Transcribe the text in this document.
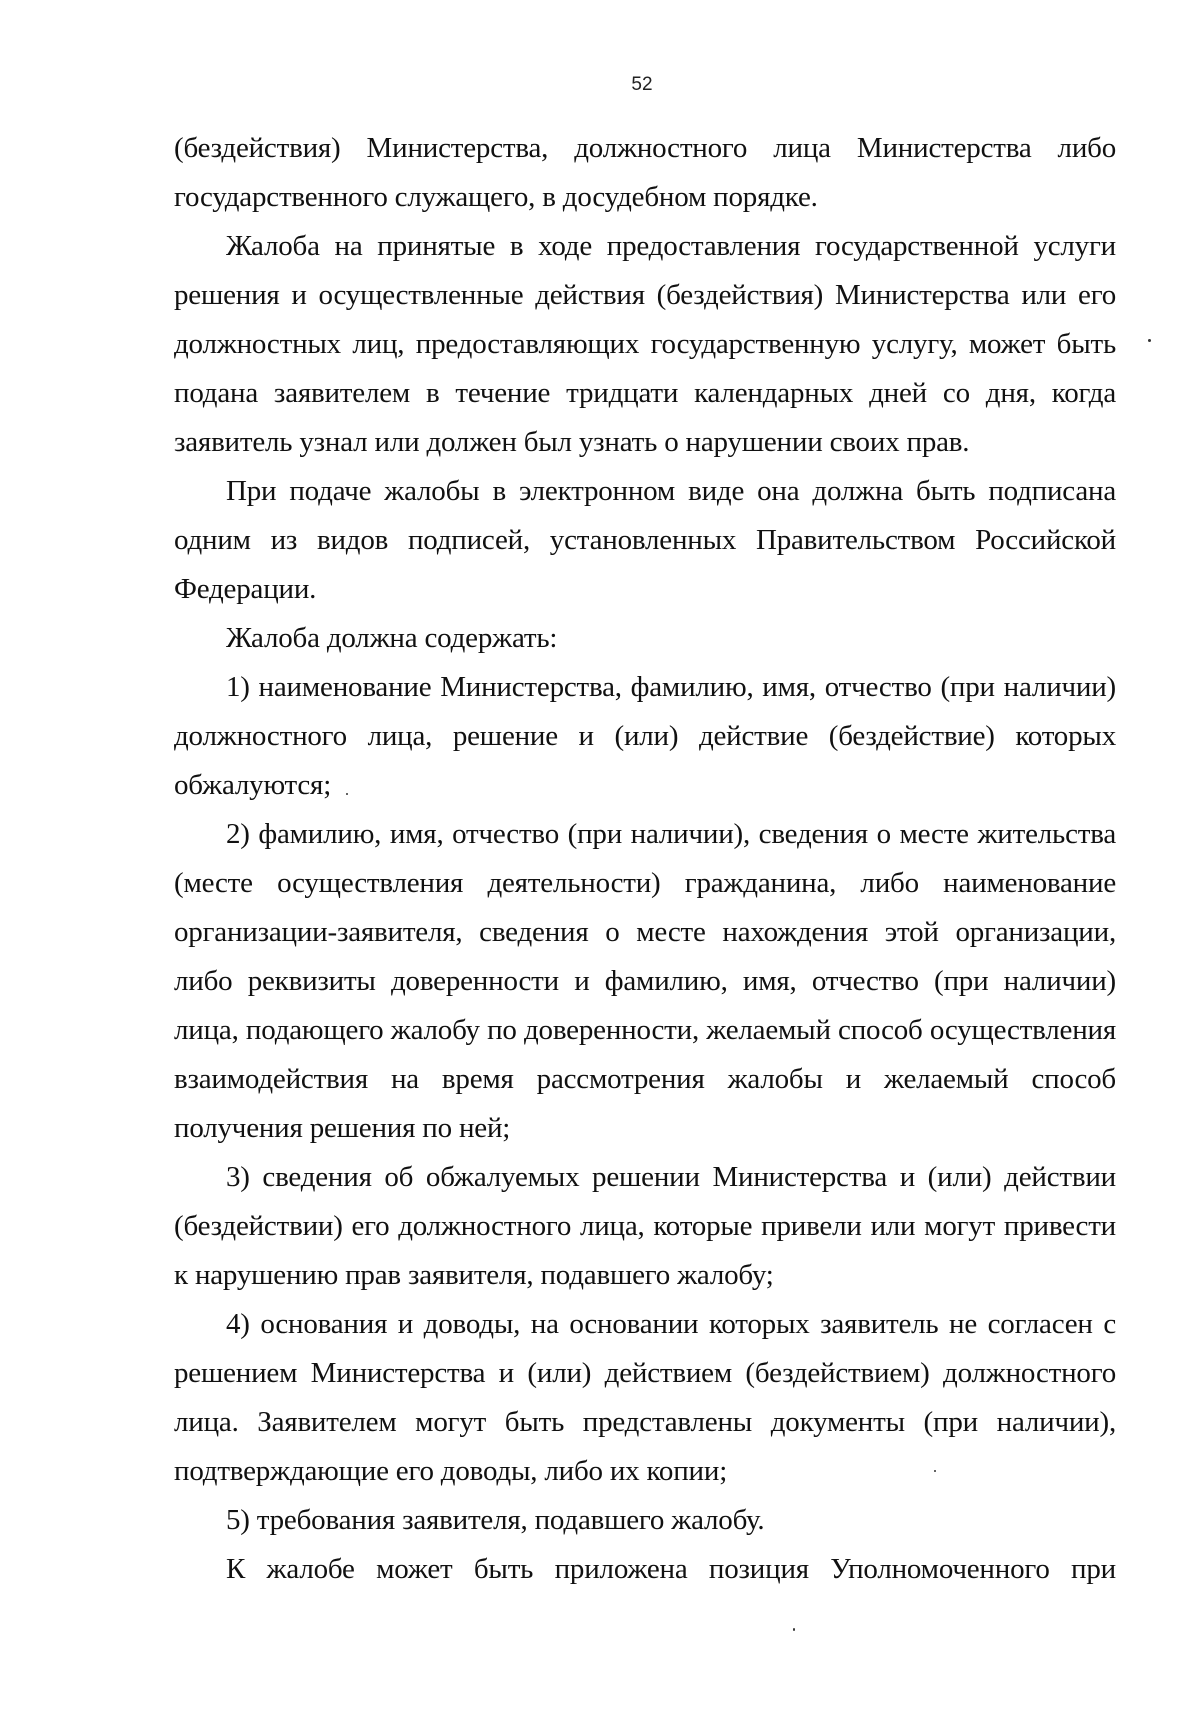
52

(бездействия) Министерства, должностного лица Министерства либо государственного служащего, в досудебном порядке.

Жалоба на принятые в ходе предоставления государственной услуги решения и осуществленные действия (бездействия) Министерства или его должностных лиц, предоставляющих государственную услугу, может быть подана заявителем в течение тридцати календарных дней со дня, когда заявитель узнал или должен был узнать о нарушении своих прав.

При подаче жалобы в электронном виде она должна быть подписана одним из видов подписей, установленных Правительством Российской Федерации.

Жалоба должна содержать:

1) наименование Министерства, фамилию, имя, отчество (при наличии) должностного лица, решение и (или) действие (бездействие) которых обжалуются;

2) фамилию, имя, отчество (при наличии), сведения о месте жительства (месте осуществления деятельности) гражданина, либо наименование организации-заявителя, сведения о месте нахождения этой организации, либо реквизиты доверенности и фамилию, имя, отчество (при наличии) лица, подающего жалобу по доверенности, желаемый способ осуществления взаимодействия на время рассмотрения жалобы и желаемый способ получения решения по ней;

3) сведения об обжалуемых решении Министерства и (или) действии (бездействии) его должностного лица, которые привели или могут привести к нарушению прав заявителя, подавшего жалобу;

4) основания и доводы, на основании которых заявитель не согласен с решением Министерства и (или) действием (бездействием) должностного лица. Заявителем могут быть представлены документы (при наличии), подтверждающие его доводы, либо их копии;

5) требования заявителя, подавшего жалобу.

К жалобе может быть приложена позиция Уполномоченного при
